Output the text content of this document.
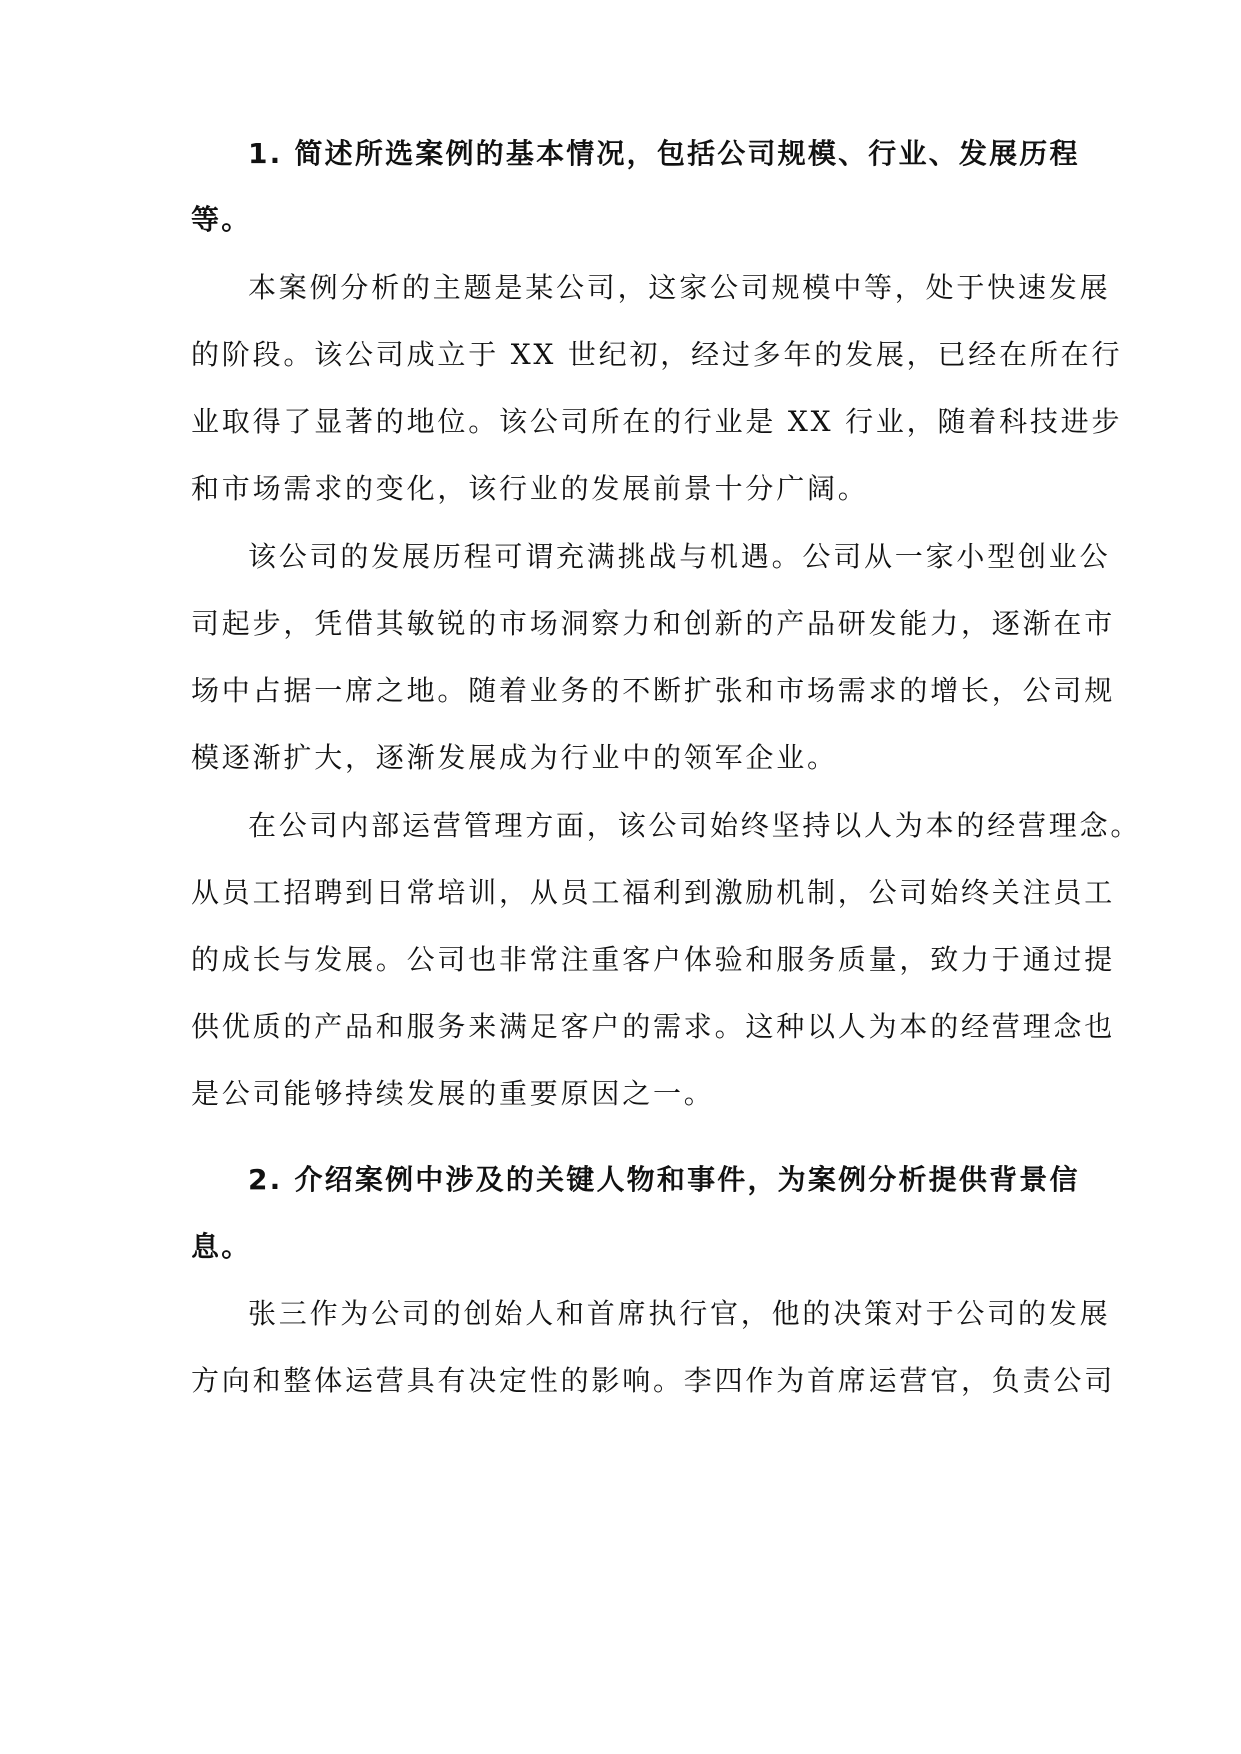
1. 简述所选案例的基本情况，包括公司规模、行业、发展历程
等。
本案例分析的主题是某公司，这家公司规模中等，处于快速发展
的阶段。该公司成立于 XX 世纪初，经过多年的发展，已经在所在行
业取得了显著的地位。该公司所在的行业是 XX 行业，随着科技进步
和市场需求的变化，该行业的发展前景十分广阔。
该公司的发展历程可谓充满挑战与机遇。公司从一家小型创业公
司起步，凭借其敏锐的市场洞察力和创新的产品研发能力，逐渐在市
场中占据一席之地。随着业务的不断扩张和市场需求的增长，公司规
模逐渐扩大，逐渐发展成为行业中的领军企业。
在公司内部运营管理方面，该公司始终坚持以人为本的经营理念。
从员工招聘到日常培训，从员工福利到激励机制，公司始终关注员工
的成长与发展。公司也非常注重客户体验和服务质量，致力于通过提
供优质的产品和服务来满足客户的需求。这种以人为本的经营理念也
是公司能够持续发展的重要原因之一。
2. 介绍案例中涉及的关键人物和事件，为案例分析提供背景信
息。
张三作为公司的创始人和首席执行官，他的决策对于公司的发展
方向和整体运营具有决定性的影响。李四作为首席运营官，负责公司
